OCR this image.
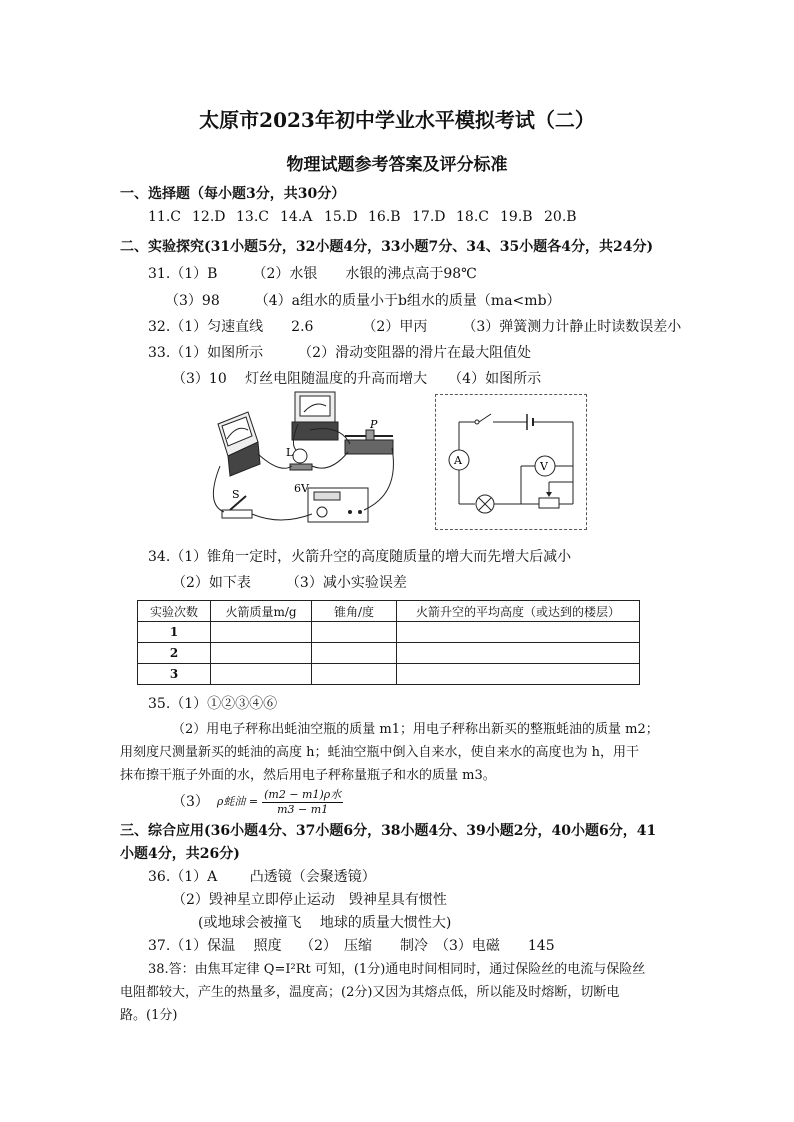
太原市2023年初中学业水平模拟考试（二）
物理试题参考答案及评分标准
一、选择题（每小题3分，共30分）
11.C 12.D 13.C 14.A 15.D 16.B 17.D 18.C 19.B 20.B
二、实验探究(31小题5分，32小题4分，33小题7分、34、35小题各4分，共24分)
31.（1）B　　　（2）水银　　水银的沸点高于98℃
（3）98　　　（4）a组水的质量小于b组水的质量（ma<mb）
32.（1）匀速直线　　2.6　　　　（2）甲丙　　　（3）弹簧测力计静止时读数误差小
33.（1）如图所示　　　（2）滑动变阻器的滑片在最大阻值处
（3）10　 灯丝电阻随温度的升高而增大　　（4）如图所示
L
P
6V
S
A	V
34.（1）锥角一定时，火箭升空的高度随质量的增大而先增大后减小
（2）如下表　　　（3）减小实验误差
实验次数	火箭质量m/g	锥角/度	火箭升空的平均高度（或达到的楼层）
1			
2			
3			
35.（1）①②③④⑥
（2）用电子秤称出蚝油空瓶的质量 m1；用电子秤称出新买的整瓶蚝油的质量 m2；
用刻度尺测量新买的蚝油的高度 h；蚝油空瓶中倒入自来水，使自来水的高度也为 h，用干
抹布擦干瓶子外面的水，然后用电子秤称量瓶子和水的质量 m3。
（3） ρ蚝油 = $\frac{\text{(m2 − m1)ρ水}}{m3 - m1}$
三、综合应用(36小题4分、37小题6分，38小题4分、39小题2分，40小题6分，41
小题4分，共26分)
36.（1）A　　 凸透镜（会聚透镜）
（2）毁神星立即停止运动　毁神星具有惯性
(或地球会被撞飞　 地球的质量大惯性大)
37.（1）保温　 照度　 （2）　压缩　　制冷　（3）电磁　　145
38.答：由焦耳定律 Q=I²Rt 可知，(1分)通电时间相同时，通过保险丝的电流与保险丝
电阻都较大，产生的热量多，温度高；(2分)又因为其熔点低，所以能及时熔断，切断电
路。(1分)
